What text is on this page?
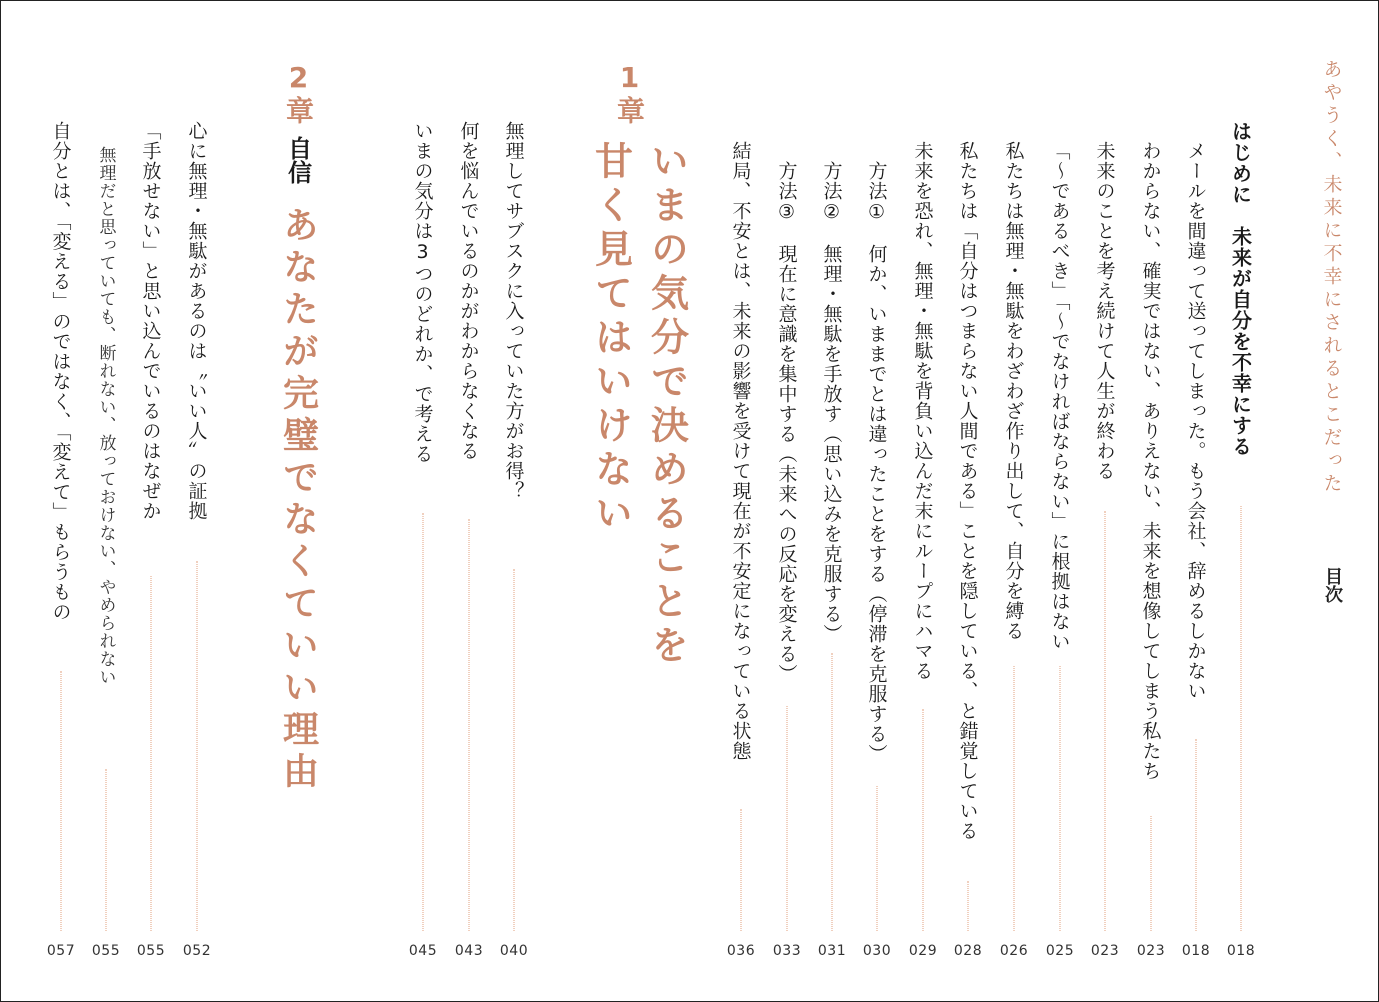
あやうく、未来に不幸にされるとこだった

目次

はじめに　未来が自分を不幸にする

018

メールを間違って送ってしまった。もう会社、辞めるしかない

018

わからない、確実ではない、ありえない、未来を想像してしまう私たち

023

未来のことを考え続けて人生が終わる

023

「〜であるべき」「〜でなければならない」に根拠はない

025

私たちは無理・無駄をわざわざ作り出して、自分を縛る

026

私たちは「自分はつまらない人間である」ことを隠している、と錯覚している

028

未来を恐れ、無理・無駄を背負い込んだ末にループにハマる

029

方法①　何か、いままでとは違ったことをする（停滞を克服する）

030

方法②　無理・無駄を手放す（思い込みを克服する）

031

方法③　現在に意識を集中する（未来への反応を変える）

033

結局、不安とは、未来の影響を受けて現在が不安定になっている状態

036

1章

いまの気分で決めることを

甘く見てはいけない

無理してサブスクに入っていた方がお得？

040

何を悩んでいるのかがわからなくなる

043

いまの気分は3つのどれか、で考える

045

2章

自信

あなたが完璧でなくていい理由

心に無理・無駄があるのは〝いい人〟の証拠

052

「手放せない」と思い込んでいるのはなぜか

055

無理だと思っていても、断れない、放っておけない、やめられない

055

自分とは、「変える」のではなく、「変えて」もらうもの

057
